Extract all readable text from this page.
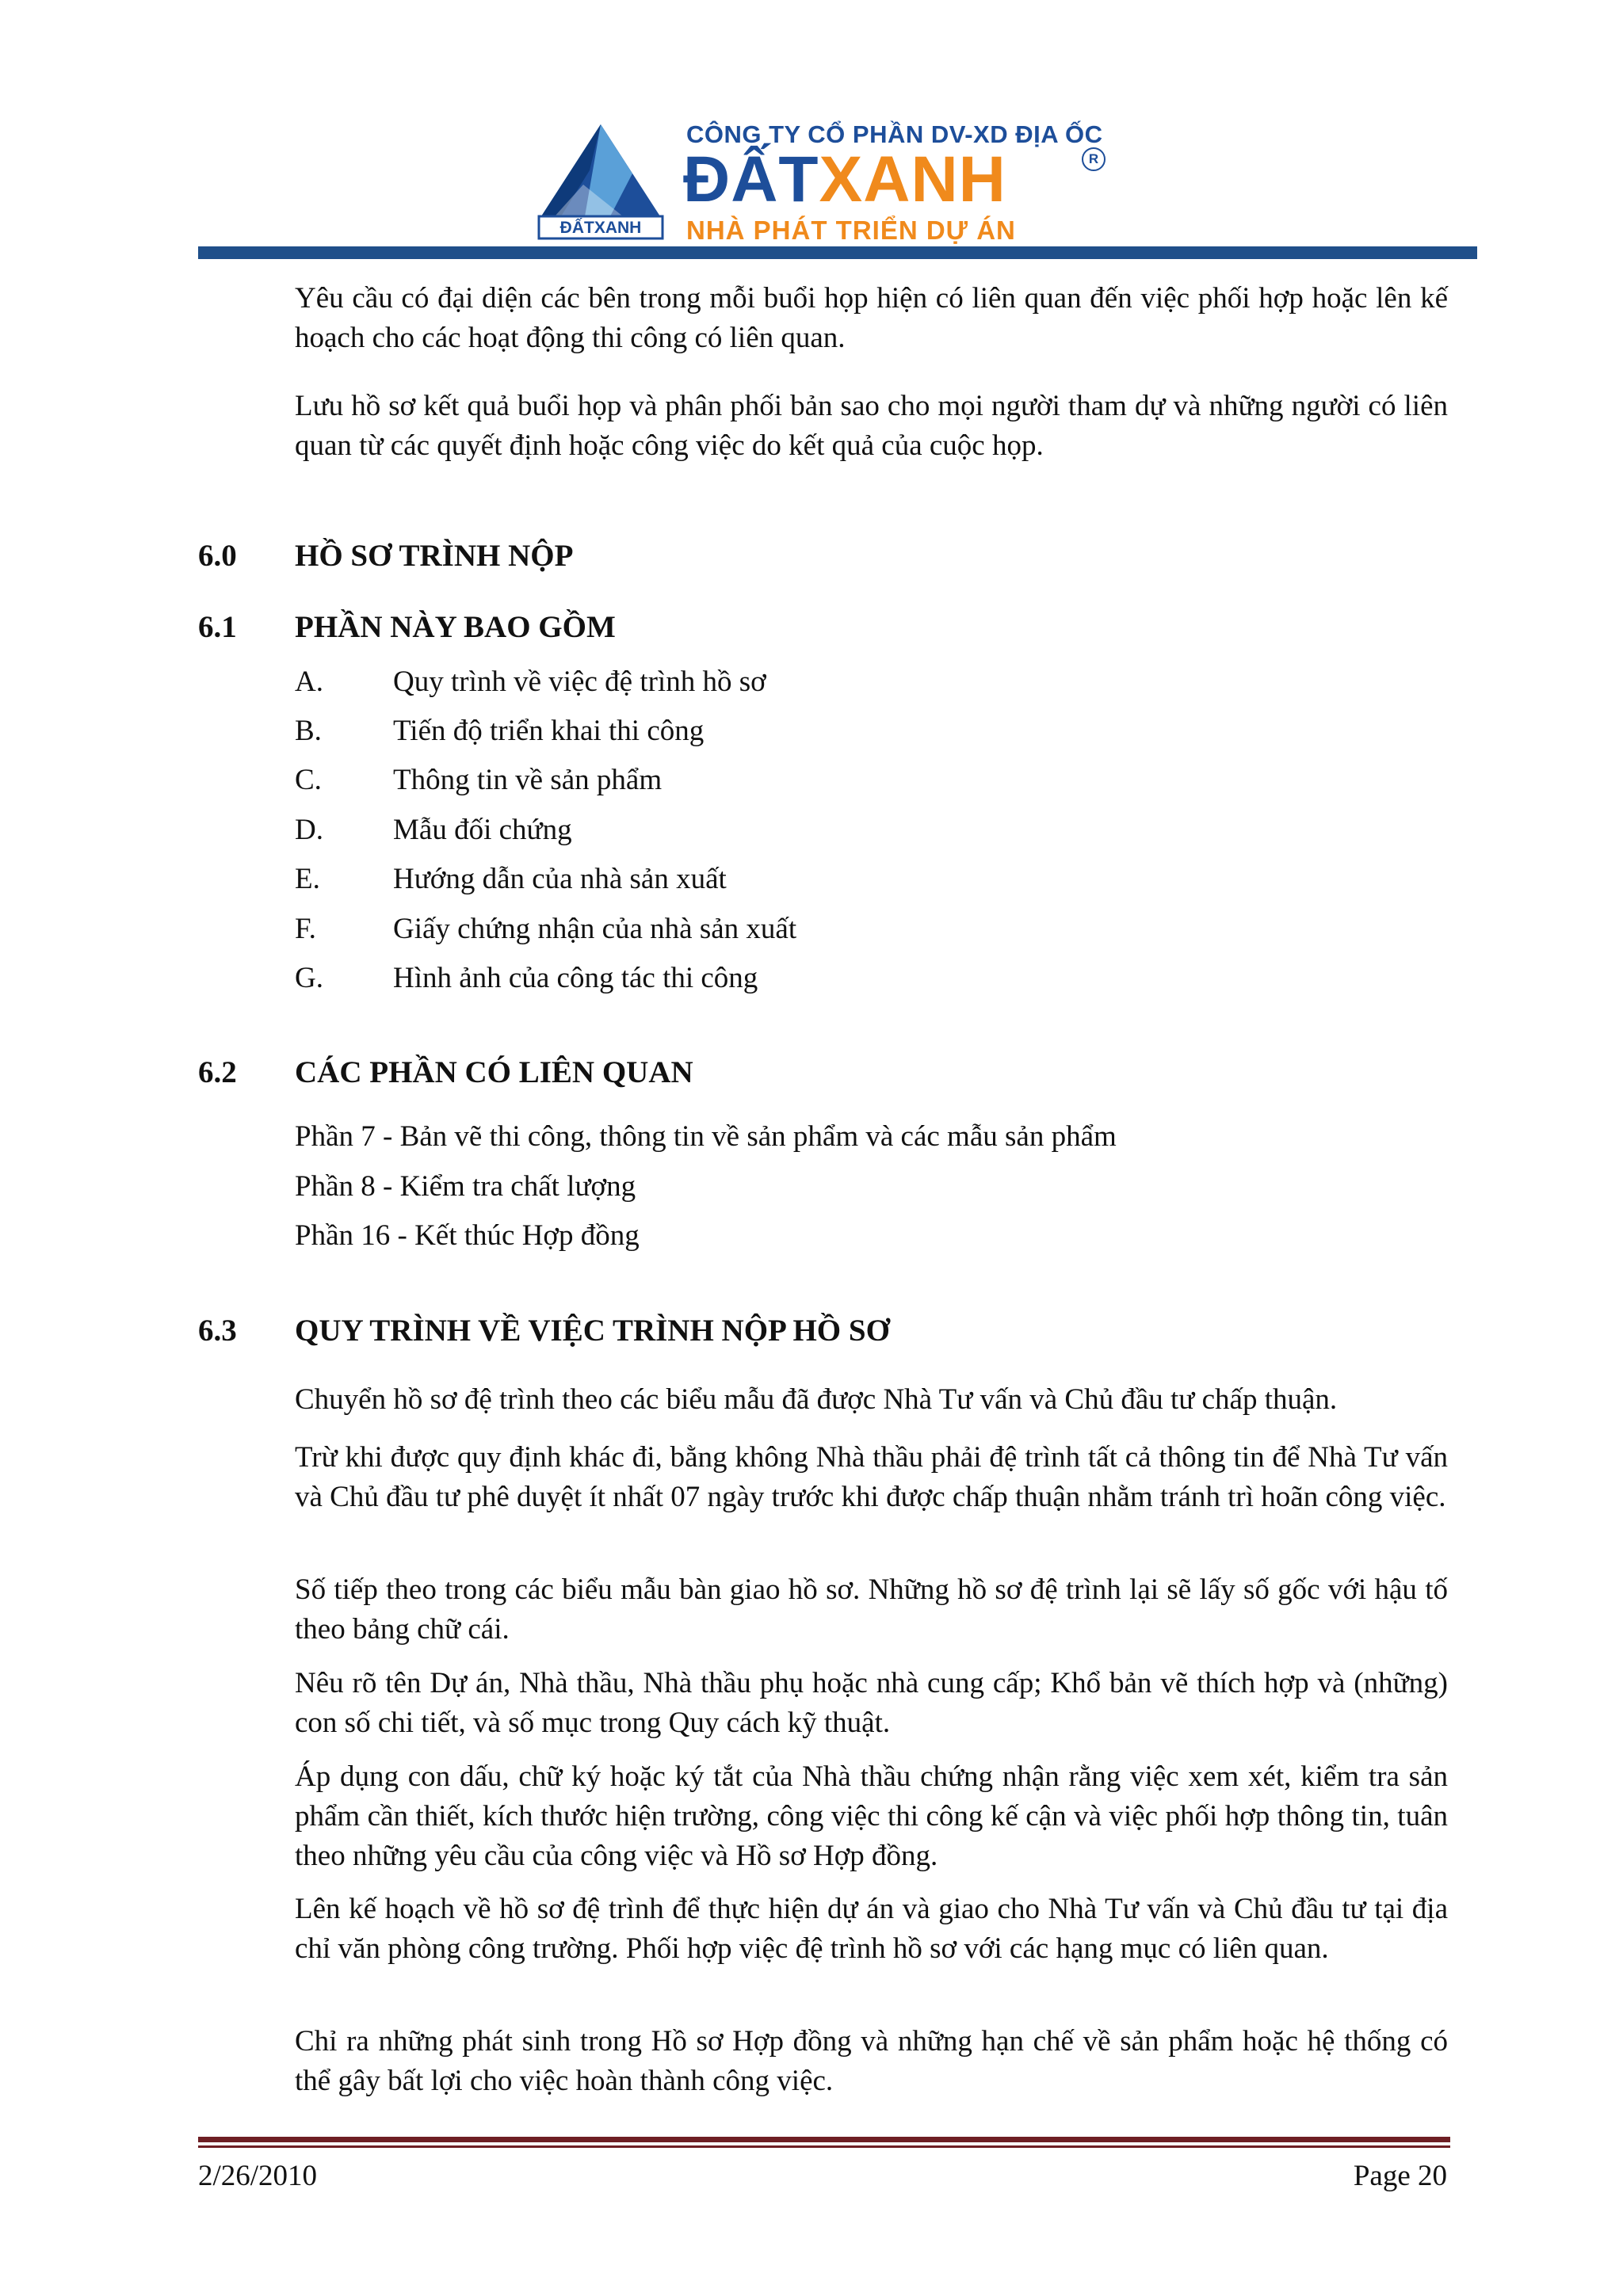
ĐẤTXANH

CÔNG TY CỔ PHẦN DV-XD ĐỊA ỐC

ĐẤTXANH	R

NHÀ PHÁT TRIỂN DỰ ÁN

Yêu cầu có đại diện các bên trong mỗi buổi họp hiện có liên quan đến việc phối hợp hoặc lên kế hoạch cho các hoạt động thi công có liên quan.

Lưu hồ sơ kết quả buổi họp và phân phối bản sao cho mọi người tham dự và những người có liên quan từ các quyết định hoặc công việc do kết quả của cuộc họp.

6.0 HỒ SƠ TRÌNH NỘP

6.1 PHẦN NÀY BAO GỒM

A. Quy trình về việc đệ trình hồ sơ

B. Tiến độ triển khai thi công

C. Thông tin về sản phẩm

D. Mẫu đối chứng

E. Hướng dẫn của nhà sản xuất

F.	Giấy chứng nhận của nhà sản xuất

G. Hình ảnh của công tác thi công

6.2 CÁC PHẦN CÓ LIÊN QUAN

Phần 7 - Bản vẽ thi công, thông tin về sản phẩm và các mẫu sản phẩm

Phần 8 - Kiểm tra chất lượng

Phần 16 - Kết thúc Hợp đồng

6.3 QUY TRÌNH VỀ VIỆC TRÌNH NỘP HỒ SƠ

Chuyển hồ sơ đệ trình theo các biểu mẫu đã được Nhà Tư vấn và Chủ đầu tư chấp thuận.

Trừ khi được quy định khác đi, bằng không Nhà thầu phải đệ trình tất cả thông tin để Nhà Tư vấn và Chủ đầu tư phê duyệt ít nhất 07 ngày trước khi được chấp thuận nhằm tránh trì hoãn công việc.

Số tiếp theo trong các biểu mẫu bàn giao hồ sơ. Những hồ sơ đệ trình lại sẽ lấy số gốc với hậu tố theo bảng chữ cái.

Nêu rõ tên Dự án, Nhà thầu, Nhà thầu phụ hoặc nhà cung cấp; Khổ bản vẽ thích hợp và (những) con số chi tiết, và số mục trong Quy cách kỹ thuật.

Áp dụng con dấu, chữ ký hoặc ký tắt của Nhà thầu chứng nhận rằng việc xem xét, kiểm tra sản phẩm cần thiết, kích thước hiện trường, công việc thi công kế cận và việc phối hợp thông tin, tuân theo những yêu cầu của công việc và Hồ sơ Hợp đồng.

Lên kế hoạch về hồ sơ đệ trình để thực hiện dự án và giao cho Nhà Tư vấn và Chủ đầu tư tại địa chỉ văn phòng công trường. Phối hợp việc đệ trình hồ sơ với các hạng mục có liên quan.

Chỉ ra những phát sinh trong Hồ sơ Hợp đồng và những hạn chế về sản phẩm hoặc hệ thống có thể gây bất lợi cho việc hoàn thành công việc.

2/26/2010	Page 20
